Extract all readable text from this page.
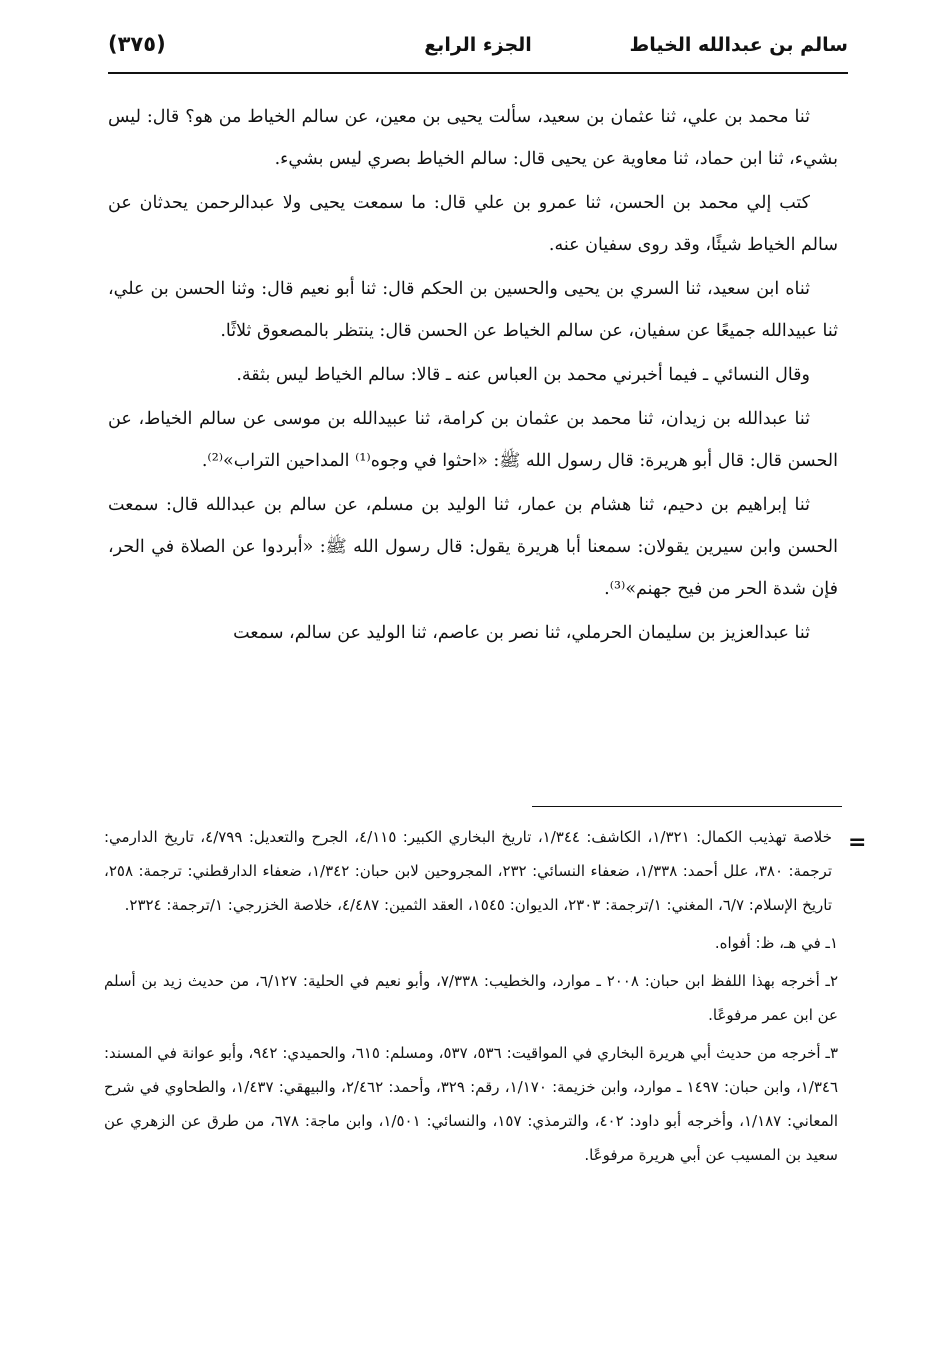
سالم بن عبدالله الخياط
الجزء الرابع
(٣٧٥)

ثنا محمد بن علي، ثنا عثمان بن سعيد، سألت يحيى بن معين، عن سالم الخياط من هو؟ قال: ليس بشيء، ثنا ابن حماد، ثنا معاوية عن يحيى قال: سالم الخياط بصري ليس بشيء.

كتب إلي محمد بن الحسن، ثنا عمرو بن علي قال: ما سمعت يحيى ولا عبدالرحمن يحدثان عن سالم الخياط شيئًا، وقد روى سفيان عنه.

ثناه ابن سعيد، ثنا السري بن يحيى والحسين بن الحكم قال: ثنا أبو نعيم قال: وثنا الحسن بن علي، ثنا عبيدالله جميعًا عن سفيان، عن سالم الخياط عن الحسن قال: ينتظر بالمصعوق ثلاثًا.

وقال النسائي ـ فيما أخبرني محمد بن العباس عنه ـ قالا: سالم الخياط ليس بثقة.

ثنا عبدالله بن زيدان، ثنا محمد بن عثمان بن كرامة، ثنا عبيدالله بن موسى عن سالم الخياط، عن الحسن قال: قال أبو هريرة: قال رسول الله ﷺ: «احثوا في وجوه⁽¹⁾ المداحين التراب»⁽²⁾.

ثنا إبراهيم بن دحيم، ثنا هشام بن عمار، ثنا الوليد بن مسلم، عن سالم بن عبدالله قال: سمعت الحسن وابن سيرين يقولان: سمعنا أبا هريرة يقول: قال رسول الله ﷺ: «أبردوا عن الصلاة في الحر، فإن شدة الحر من فيح جهنم»⁽³⁾.

ثنا عبدالعزيز بن سليمان الحرملي، ثنا نصر بن عاصم، ثنا الوليد عن سالم، سمعت

=

خلاصة تهذيب الكمال: ١/٣٢١، الكاشف: ١/٣٤٤، تاريخ البخاري الكبير: ٤/١١٥، الجرح والتعديل: ٤/٧٩٩، تاريخ الدارمي: ترجمة: ٣٨٠، علل أحمد: ١/٣٣٨، ضعفاء النسائي: ٢٣٢، المجروحين لابن حبان: ١/٣٤٢، ضعفاء الدارقطني: ترجمة: ٢٥٨، تاريخ الإسلام: ٦/٧، المغني: ١/ترجمة: ٢٣٠٣، الديوان: ١٥٤٥، العقد الثمين: ٤/٤٨٧، خلاصة الخزرجي: ١/ترجمة: ٢٣٢٤.

١ـ في هـ، ظ: أفواه.

٢ـ أخرجه بهذا اللفظ ابن حبان: ٢٠٠٨ ـ موارد، والخطيب: ٧/٣٣٨، وأبو نعيم في الحلية: ٦/١٢٧، من حديث زيد بن أسلم عن ابن عمر مرفوعًا.

٣ـ أخرجه من حديث أبي هريرة البخاري في المواقيت: ٥٣٦، ٥٣٧، ومسلم: ٦١٥، والحميدي: ٩٤٢، وأبو عوانة في المسند: ١/٣٤٦، وابن حبان: ١٤٩٧ ـ موارد، وابن خزيمة: ١/١٧٠، رقم: ٣٢٩، وأحمد: ٢/٤٦٢، والبيهقي: ١/٤٣٧، والطحاوي في شرح المعاني: ١/١٨٧، وأخرجه أبو داود: ٤٠٢، والترمذي: ١٥٧، والنسائي: ١/٥٠١، وابن ماجة: ٦٧٨، من طرق عن الزهري عن سعيد بن المسيب عن أبي هريرة مرفوعًا.
